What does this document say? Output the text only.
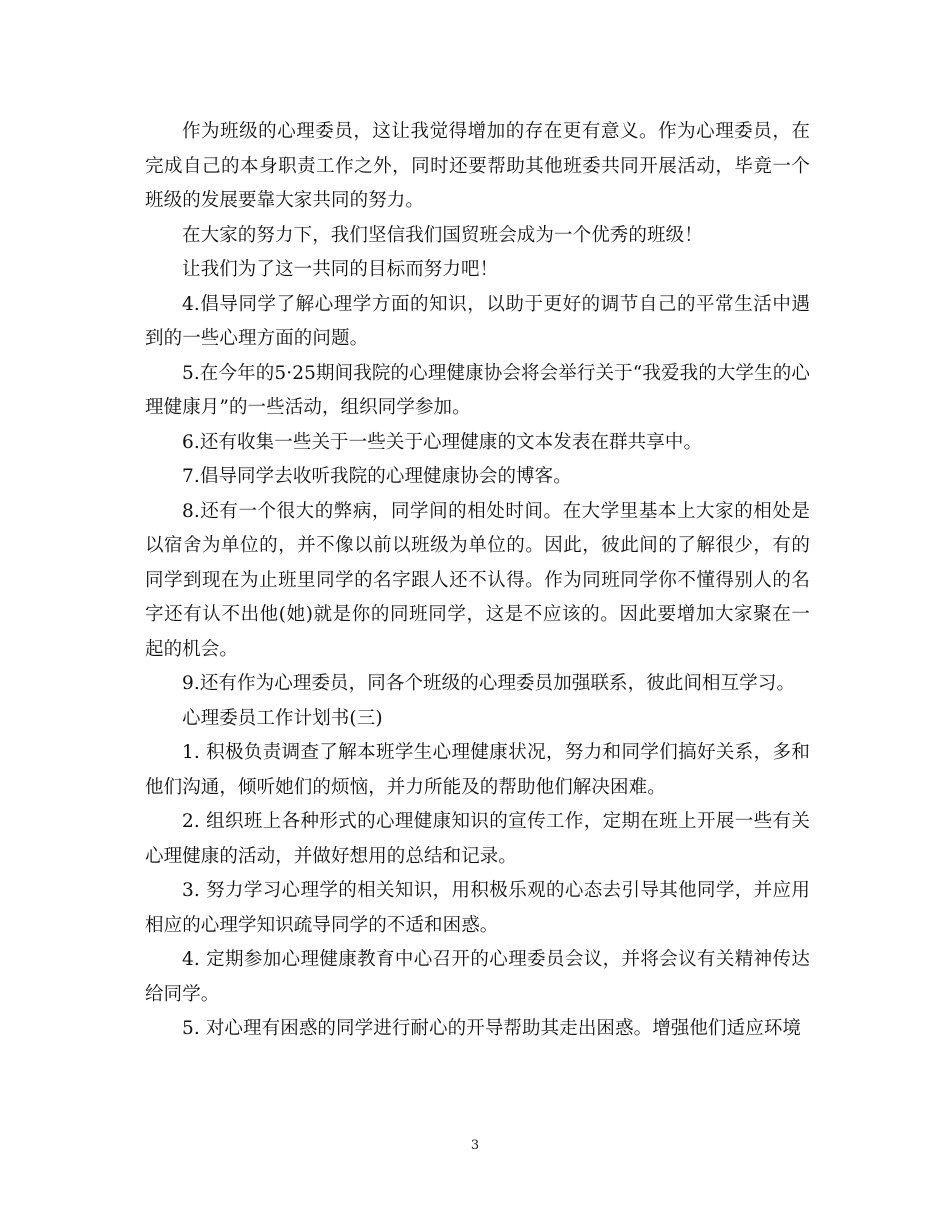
作为班级的心理委员，这让我觉得增加的存在更有意义。作为心理委员，在完成自己的本身职责工作之外，同时还要帮助其他班委共同开展活动，毕竟一个班级的发展要靠大家共同的努力。

在大家的努力下，我们坚信我们国贸班会成为一个优秀的班级！

让我们为了这一共同的目标而努力吧！

4.倡导同学了解心理学方面的知识，以助于更好的调节自己的平常生活中遇到的一些心理方面的问题。

5.在今年的5·25期间我院的心理健康协会将会举行关于“我爱我的大学生的心理健康月”的一些活动，组织同学参加。

6.还有收集一些关于一些关于心理健康的文本发表在群共享中。

7.倡导同学去收听我院的心理健康协会的博客。

8.还有一个很大的弊病，同学间的相处时间。在大学里基本上大家的相处是以宿舍为单位的，并不像以前以班级为单位的。因此，彼此间的了解很少，有的同学到现在为止班里同学的名字跟人还不认得。作为同班同学你不懂得别人的名字还有认不出他(她)就是你的同班同学，这是不应该的。因此要增加大家聚在一起的机会。

9.还有作为心理委员，同各个班级的心理委员加强联系，彼此间相互学习。

心理委员工作计划书(三)

1. 积极负责调查了解本班学生心理健康状况，努力和同学们搞好关系，多和他们沟通，倾听她们的烦恼，并力所能及的帮助他们解决困难。

2. 组织班上各种形式的心理健康知识的宣传工作，定期在班上开展一些有关心理健康的活动，并做好想用的总结和记录。

3. 努力学习心理学的相关知识，用积极乐观的心态去引导其他同学，并应用相应的心理学知识疏导同学的不适和困惑。

4. 定期参加心理健康教育中心召开的心理委员会议，并将会议有关精神传达给同学。

5. 对心理有困惑的同学进行耐心的开导帮助其走出困惑。增强他们适应环境

3
